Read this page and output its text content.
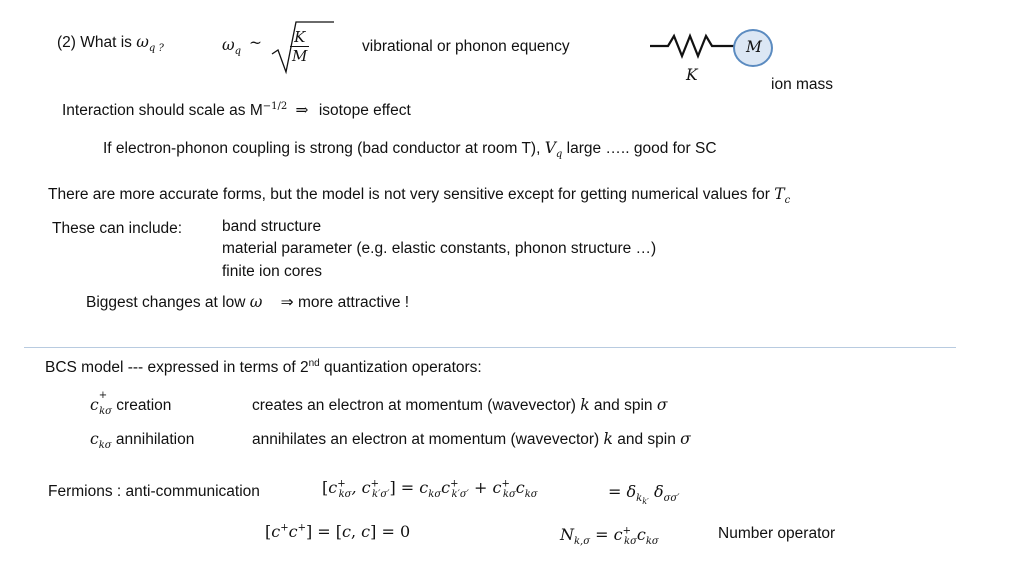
(2) What is $\omega_{q ?}$	$\omega_q$ ~ $\frac{K}{M}$	vibrational or phonon equency	M
K
ion mass
Interaction should scale as $M^{-1/2}$ ⇒ isotope effect
If electron-phonon coupling is strong (bad conductor at room T), $V_q$ large ….. good for SC
There are more accurate forms, but the model is not very sensitive except for getting numerical values for $T_c$
These can include:	band structure
material parameter (e.g. elastic constants, phonon structure …)
finite ion cores
Biggest changes at low ω ⇒ more attractive !
BCS model --- expressed in terms of 2nd quantization operators:
$c^+_{k\sigma}$ creation	creates an electron at momentum (wavevector) k and spin σ
$c_{k\sigma}$ annihilation	annihilates an electron at momentum (wavevector) k and spin σ
Fermions : anti-communication	[$c^+_{k\sigma}$, $c^+_{k'\sigma'}] = c_{k\sigma}c^+_{k'\sigma'} + c^+_{k\sigma}c_{k\sigma}$	= $\delta_{k_{k'}}$ $\delta_{\sigma\sigma'}$
[c+c+] = [c, c] = 0	$N_{k,\sigma} = c^+_{k\sigma}c_{k\sigma}$	Number operator
